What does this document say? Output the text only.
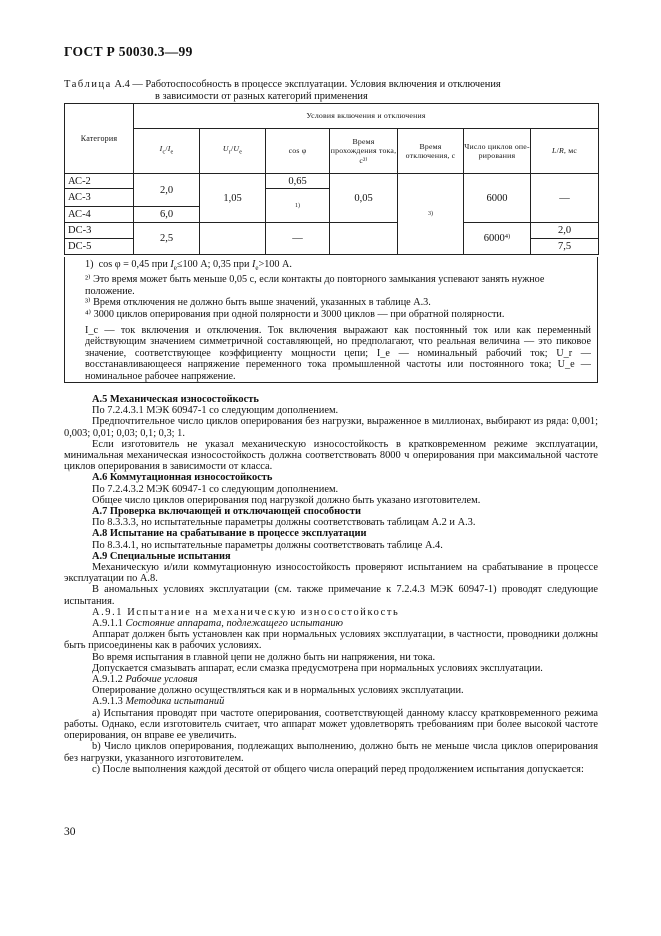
ГОСТ Р 50030.3—99
Таблица А.4 — Работоспособность в процессе эксплуатации. Условия включения и отключения
в зависимости от разных категорий применения
Категория	Условия включения и отключения						
	$I_c/I_e$	$U_r/U_e$	cos φ	Время прохождения тока, с²⁾	Время отключения, с	Число циклов опе-рирования	L/R, мс
АС-2	2,0	1,05	0,65	0,05	3)	6000	—
АС-3			1)				
АС-4	6,0						
DC-3	2,5		—			6000$^{4)}$	2,0
DC-5							7,5

1)  cos φ = 0,45 при $I_e\le 100$ А; 0,35 при $I_e>100$ А.

²⁾ Это время может быть меньше 0,05 с, если контакты до повторного замыкания успевают занять нужное положение.

³⁾ Время отключения не должно быть выше значений, указанных в таблице А.3.

⁴⁾ 3000 циклов оперирования при одной полярности и 3000 циклов — при обратной полярности.

I_c — ток включения и отключения. Ток включения выражают как постоянный ток или как переменный действующим значением симметричной составляющей, но предполагают, что реальная величина — это пиковое значение, соответствующее коэффициенту мощности цепи; I_e — номинальный рабочий ток; U_r — восстанавливающееся напряжение переменного тока промышленной частоты или постоянного тока; U_e — номинальное рабочее напряжение.

А.5 Механическая износостойкость

По 7.2.4.3.1 МЭК 60947-1 со следующим дополнением.

Предпочтительное число циклов оперирования без нагрузки, выраженное в миллионах, выбирают из ряда: 0,001; 0,003; 0,01; 0,03; 0,1; 0,3; 1.

Если изготовитель не указал механическую износостойкость в кратковременном режиме эксплуатации, минимальная механическая износостойкость должна соответствовать 8000 ч оперирования при максимальной частоте циклов оперирования в зависимости от класса.

А.6 Коммутационная износостойкость

По 7.2.4.3.2 МЭК 60947-1 со следующим дополнением.

Общее число циклов оперирования под нагрузкой должно быть указано изготовителем.

А.7 Проверка включающей и отключающей способности

По 8.3.3.3, но испытательные параметры должны соответствовать таблицам А.2 и А.3.

А.8 Испытание на срабатывание в процессе эксплуатации

По 8.3.4.1, но испытательные параметры должны соответствовать таблице А.4.

А.9 Специальные испытания

Механическую и/или коммутационную износостойкость проверяют испытанием на срабатывание в процессе эксплуатации по А.8.

В аномальных условиях эксплуатации (см. также примечание к 7.2.4.3 МЭК 60947-1) проводят следующие испытания.

А.9.1 Испытание на механическую износостойкость

А.9.1.1 Состояние аппарата, подлежащего испытанию

Аппарат должен быть установлен как при нормальных условиях эксплуатации, в частности, проводники должны быть присоединены как в рабочих условиях.

Во время испытания в главной цепи не должно быть ни напряжения, ни тока.

Допускается смазывать аппарат, если смазка предусмотрена при нормальных условиях эксплуатации.

А.9.1.2 Рабочие условия

Оперирование должно осуществляться как и в нормальных условиях эксплуатации.

А.9.1.3 Методика испытаний

a) Испытания проводят при частоте оперирования, соответствующей данному классу кратковременного режима работы. Однако, если изготовитель считает, что аппарат может удовлетворять требованиям при более высокой частоте оперирования, он вправе ее увеличить.

b) Число циклов оперирования, подлежащих выполнению, должно быть не меньше числа циклов оперирования без нагрузки, указанного изготовителем.

c) После выполнения каждой десятой от общего числа операций перед продолжением испытания допускается:

30
